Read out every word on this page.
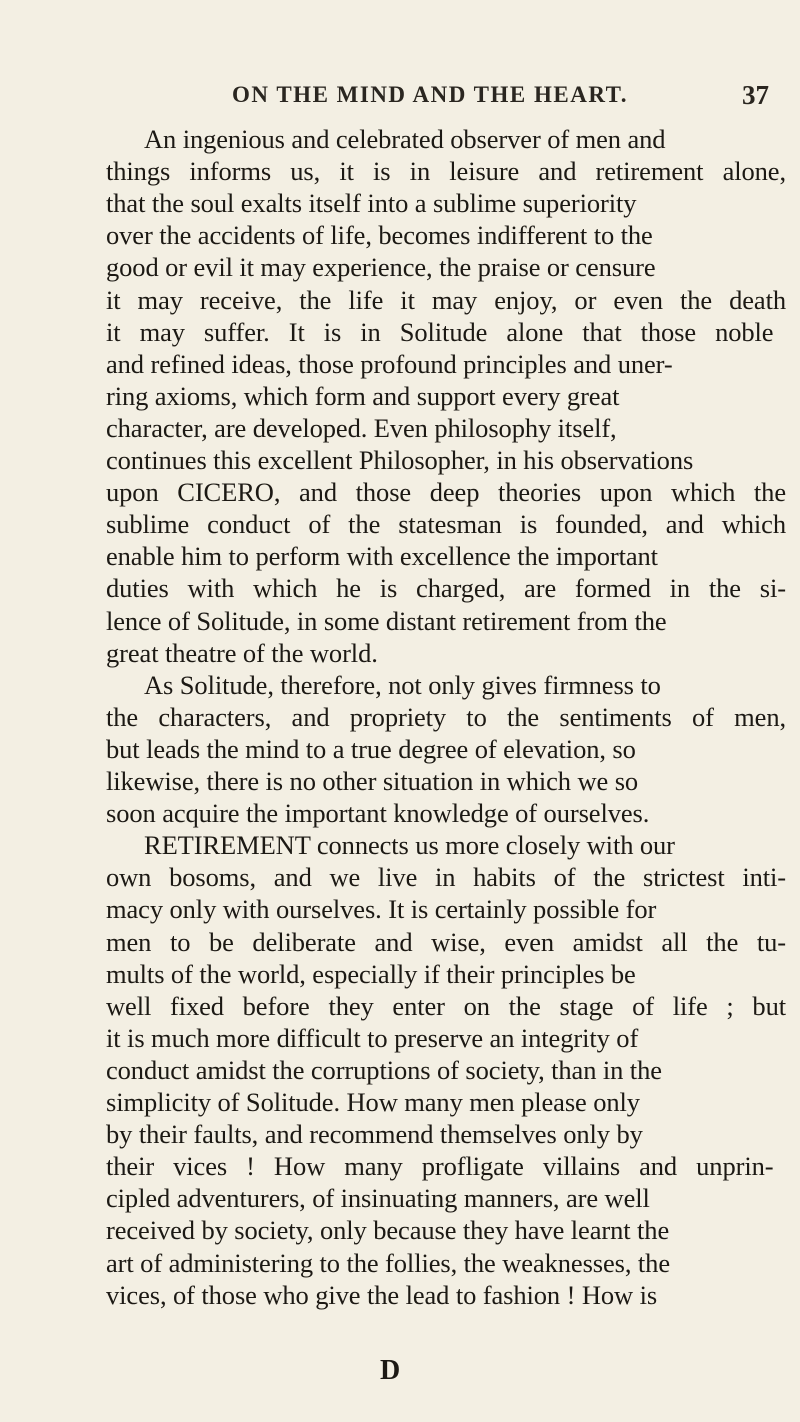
ON THE MIND AND THE HEART.	37
An ingenious and celebrated observer of men and
things informs us, it is in leisure and retirement alone,
that the soul exalts itself into a sublime superiority
over the accidents of life, becomes indifferent to the
good or evil it may experience, the praise or censure
it may receive, the life it may enjoy, or even the death
it may suffer. It is in Solitude alone that those noble
and refined ideas, those profound principles and uner-
ring axioms, which form and support every great
character, are developed. Even philosophy itself,
continues this excellent Philosopher, in his observations
upon CICERO, and those deep theories upon which the
sublime conduct of the statesman is founded, and which
enable him to perform with excellence the important
duties with which he is charged, are formed in the si-
lence of Solitude, in some distant retirement from the
great theatre of the world.
As Solitude, therefore, not only gives firmness to
the characters, and propriety to the sentiments of men,
but leads the mind to a true degree of elevation, so
likewise, there is no other situation in which we so
soon acquire the important knowledge of ourselves.
RETIREMENT connects us more closely with our
own bosoms, and we live in habits of the strictest inti-
macy only with ourselves. It is certainly possible for
men to be deliberate and wise, even amidst all the tu-
mults of the world, especially if their principles be
well fixed before they enter on the stage of life ; but
it is much more difficult to preserve an integrity of
conduct amidst the corruptions of society, than in the
simplicity of Solitude. How many men please only
by their faults, and recommend themselves only by
their vices ! How many profligate villains and unprin-
cipled adventurers, of insinuating manners, are well
received by society, only because they have learnt the
art of administering to the follies, the weaknesses, the
vices, of those who give the lead to fashion ! How is
D
